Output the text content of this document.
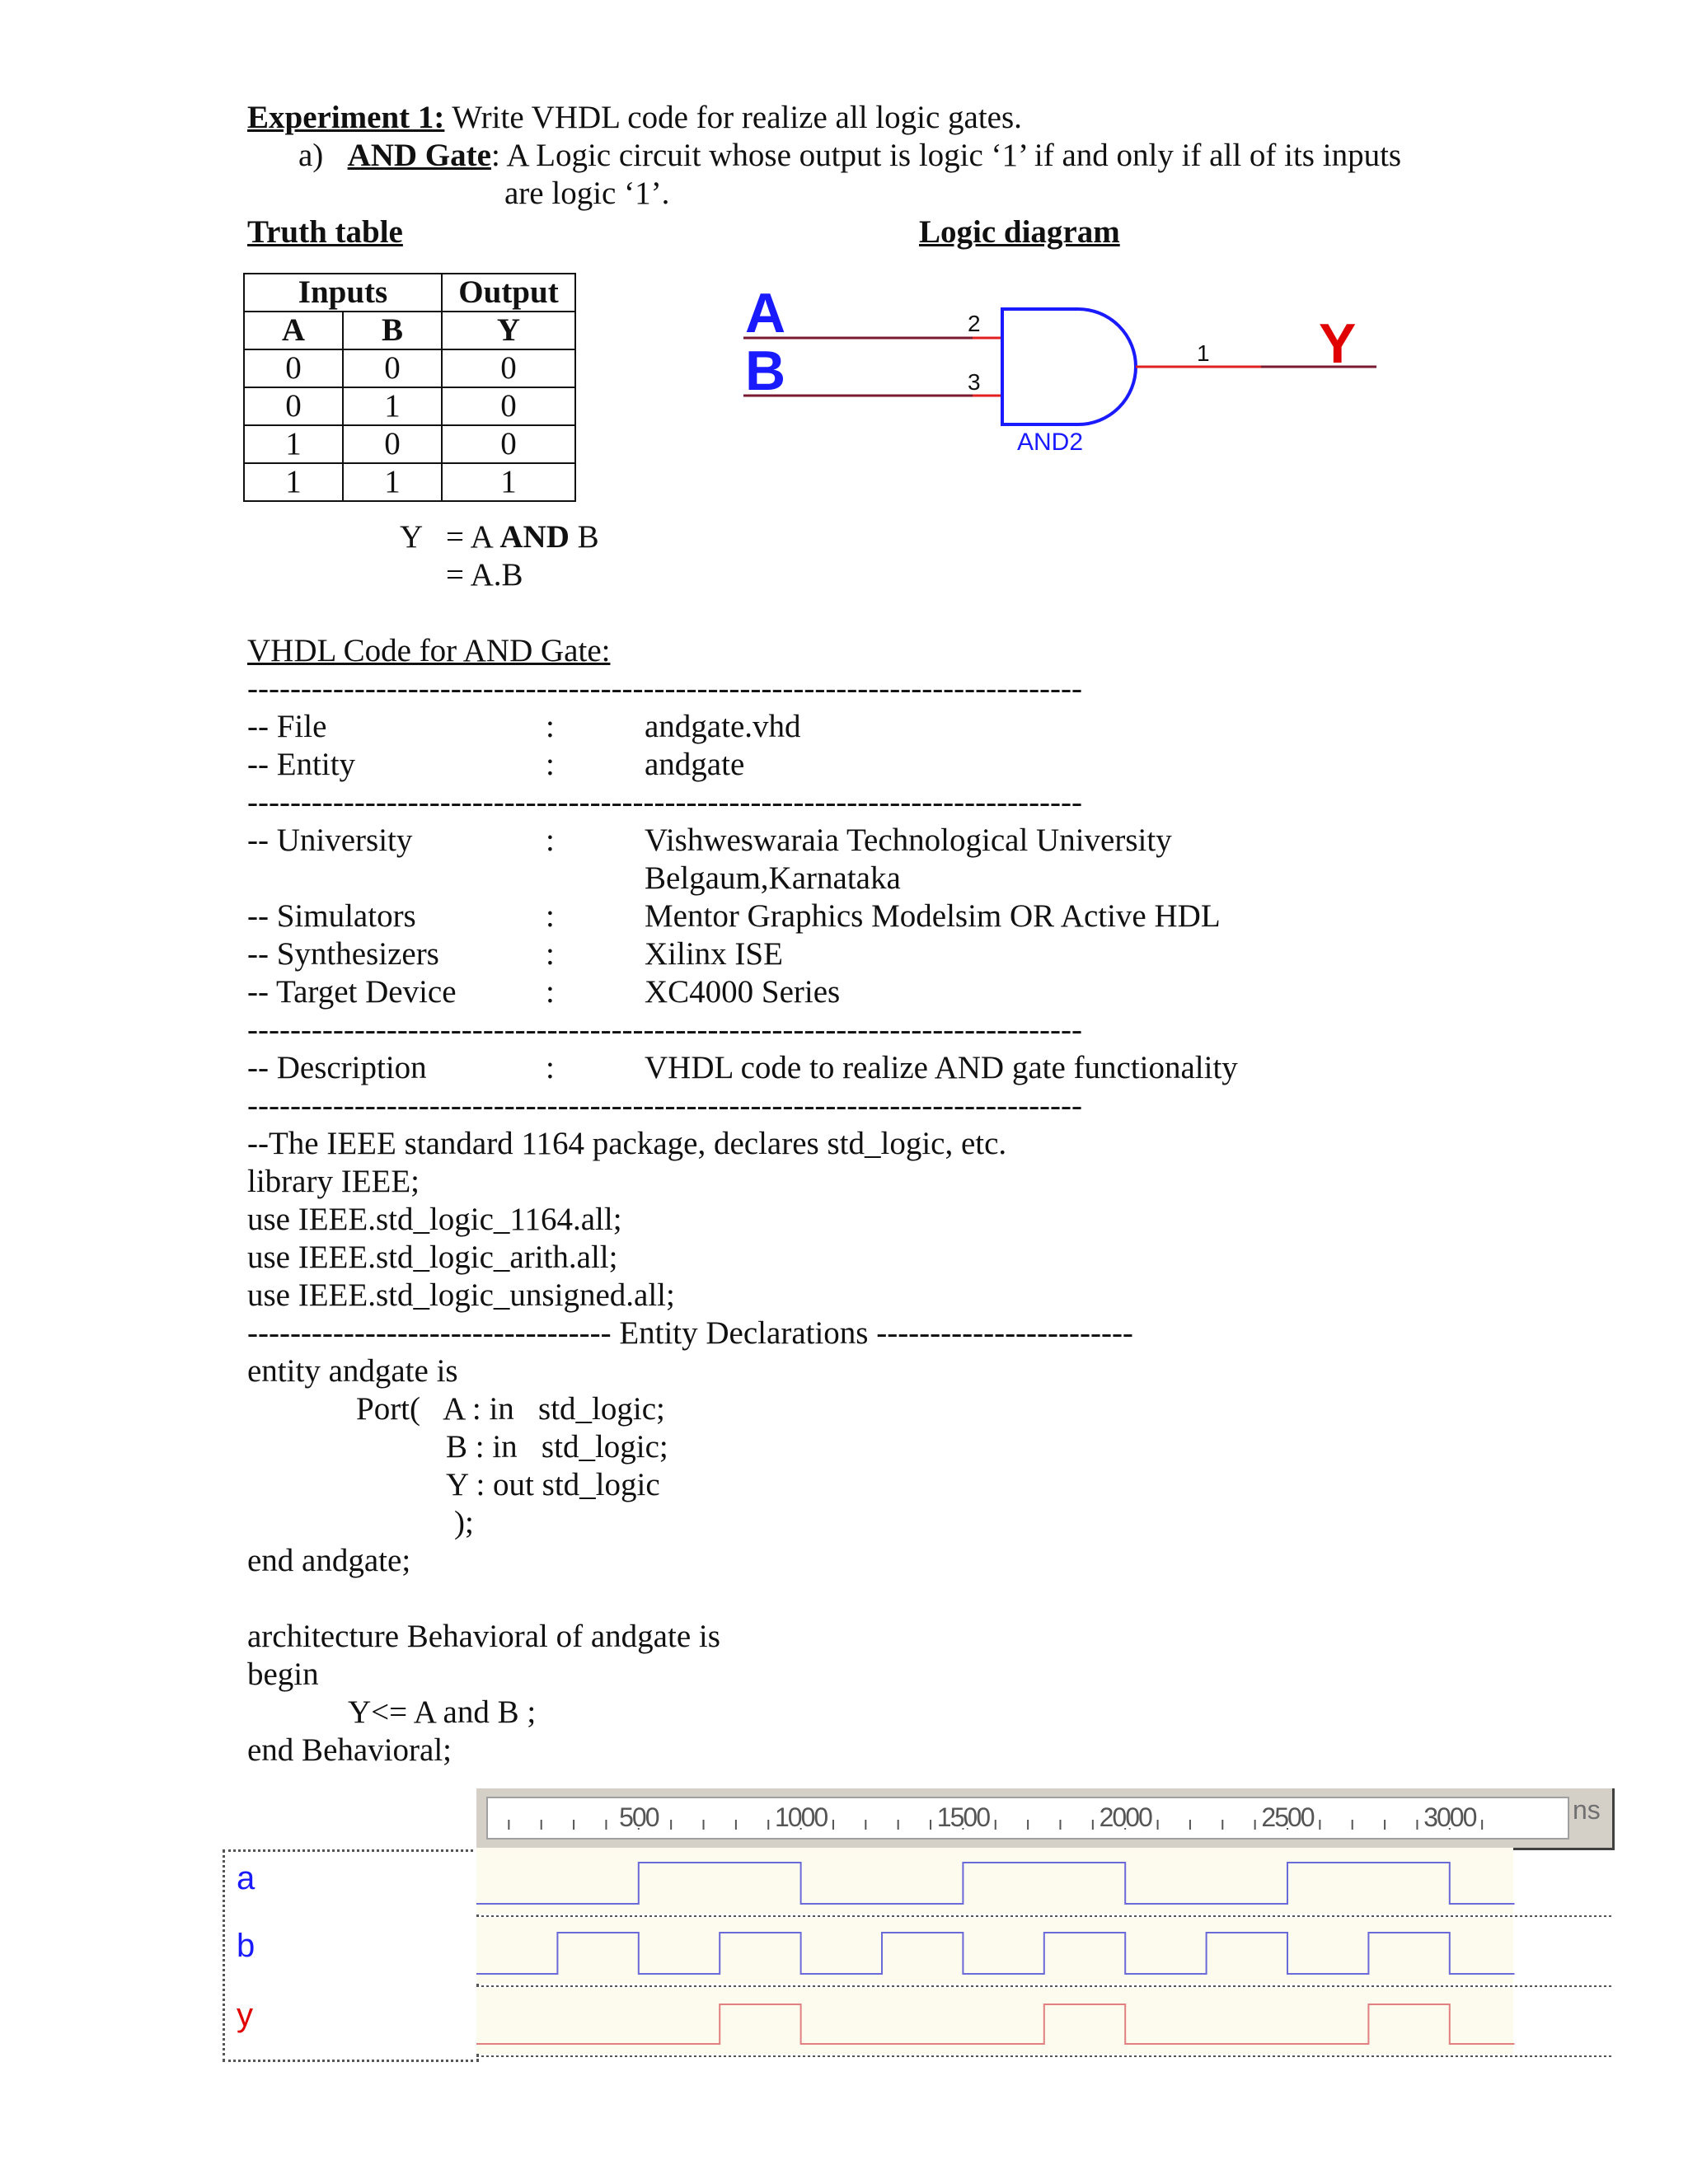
Experiment 1: Write VHDL code for realize all logic gates.
a) AND Gate: A Logic circuit whose output is logic ‘1’ if and only if all of its inputs
are logic ‘1’.
Truth table	Logic diagram
Inputs		Output
A	B	Y
0	0	0
0	1	0
1	0	0
1	1	1
Y = A AND B
= A.B
A
B
2
3
1 Y
AND2
VHDL Code for AND Gate:
------------------------------------------------------------------------------
-- File	:	andgate.vhd
-- Entity	:	andgate
------------------------------------------------------------------------------
-- University	:	Vishweswaraia Technological University
Belgaum,Karnataka
-- Simulators	:	Mentor Graphics Modelsim OR Active HDL
-- Synthesizers	:	Xilinx ISE
-- Target Device	:	XC4000 Series
------------------------------------------------------------------------------
-- Description	:	VHDL code to realize AND gate functionality
------------------------------------------------------------------------------
--The IEEE standard 1164 package, declares std_logic, etc.
library IEEE;
use IEEE.std_logic_1164.all;
use IEEE.std_logic_arith.all;
use IEEE.std_logic_unsigned.all;
---------------------------------- Entity Declarations ------------------------
entity andgate is
Port(   A : in   std_logic;
B : in   std_logic;
Y : out std_logic
);
end andgate;
architecture Behavioral of andgate is
begin
Y<= A and B ;
end Behavioral;
ns
a
b
y
500	1000	1500	2000	2500	3000
